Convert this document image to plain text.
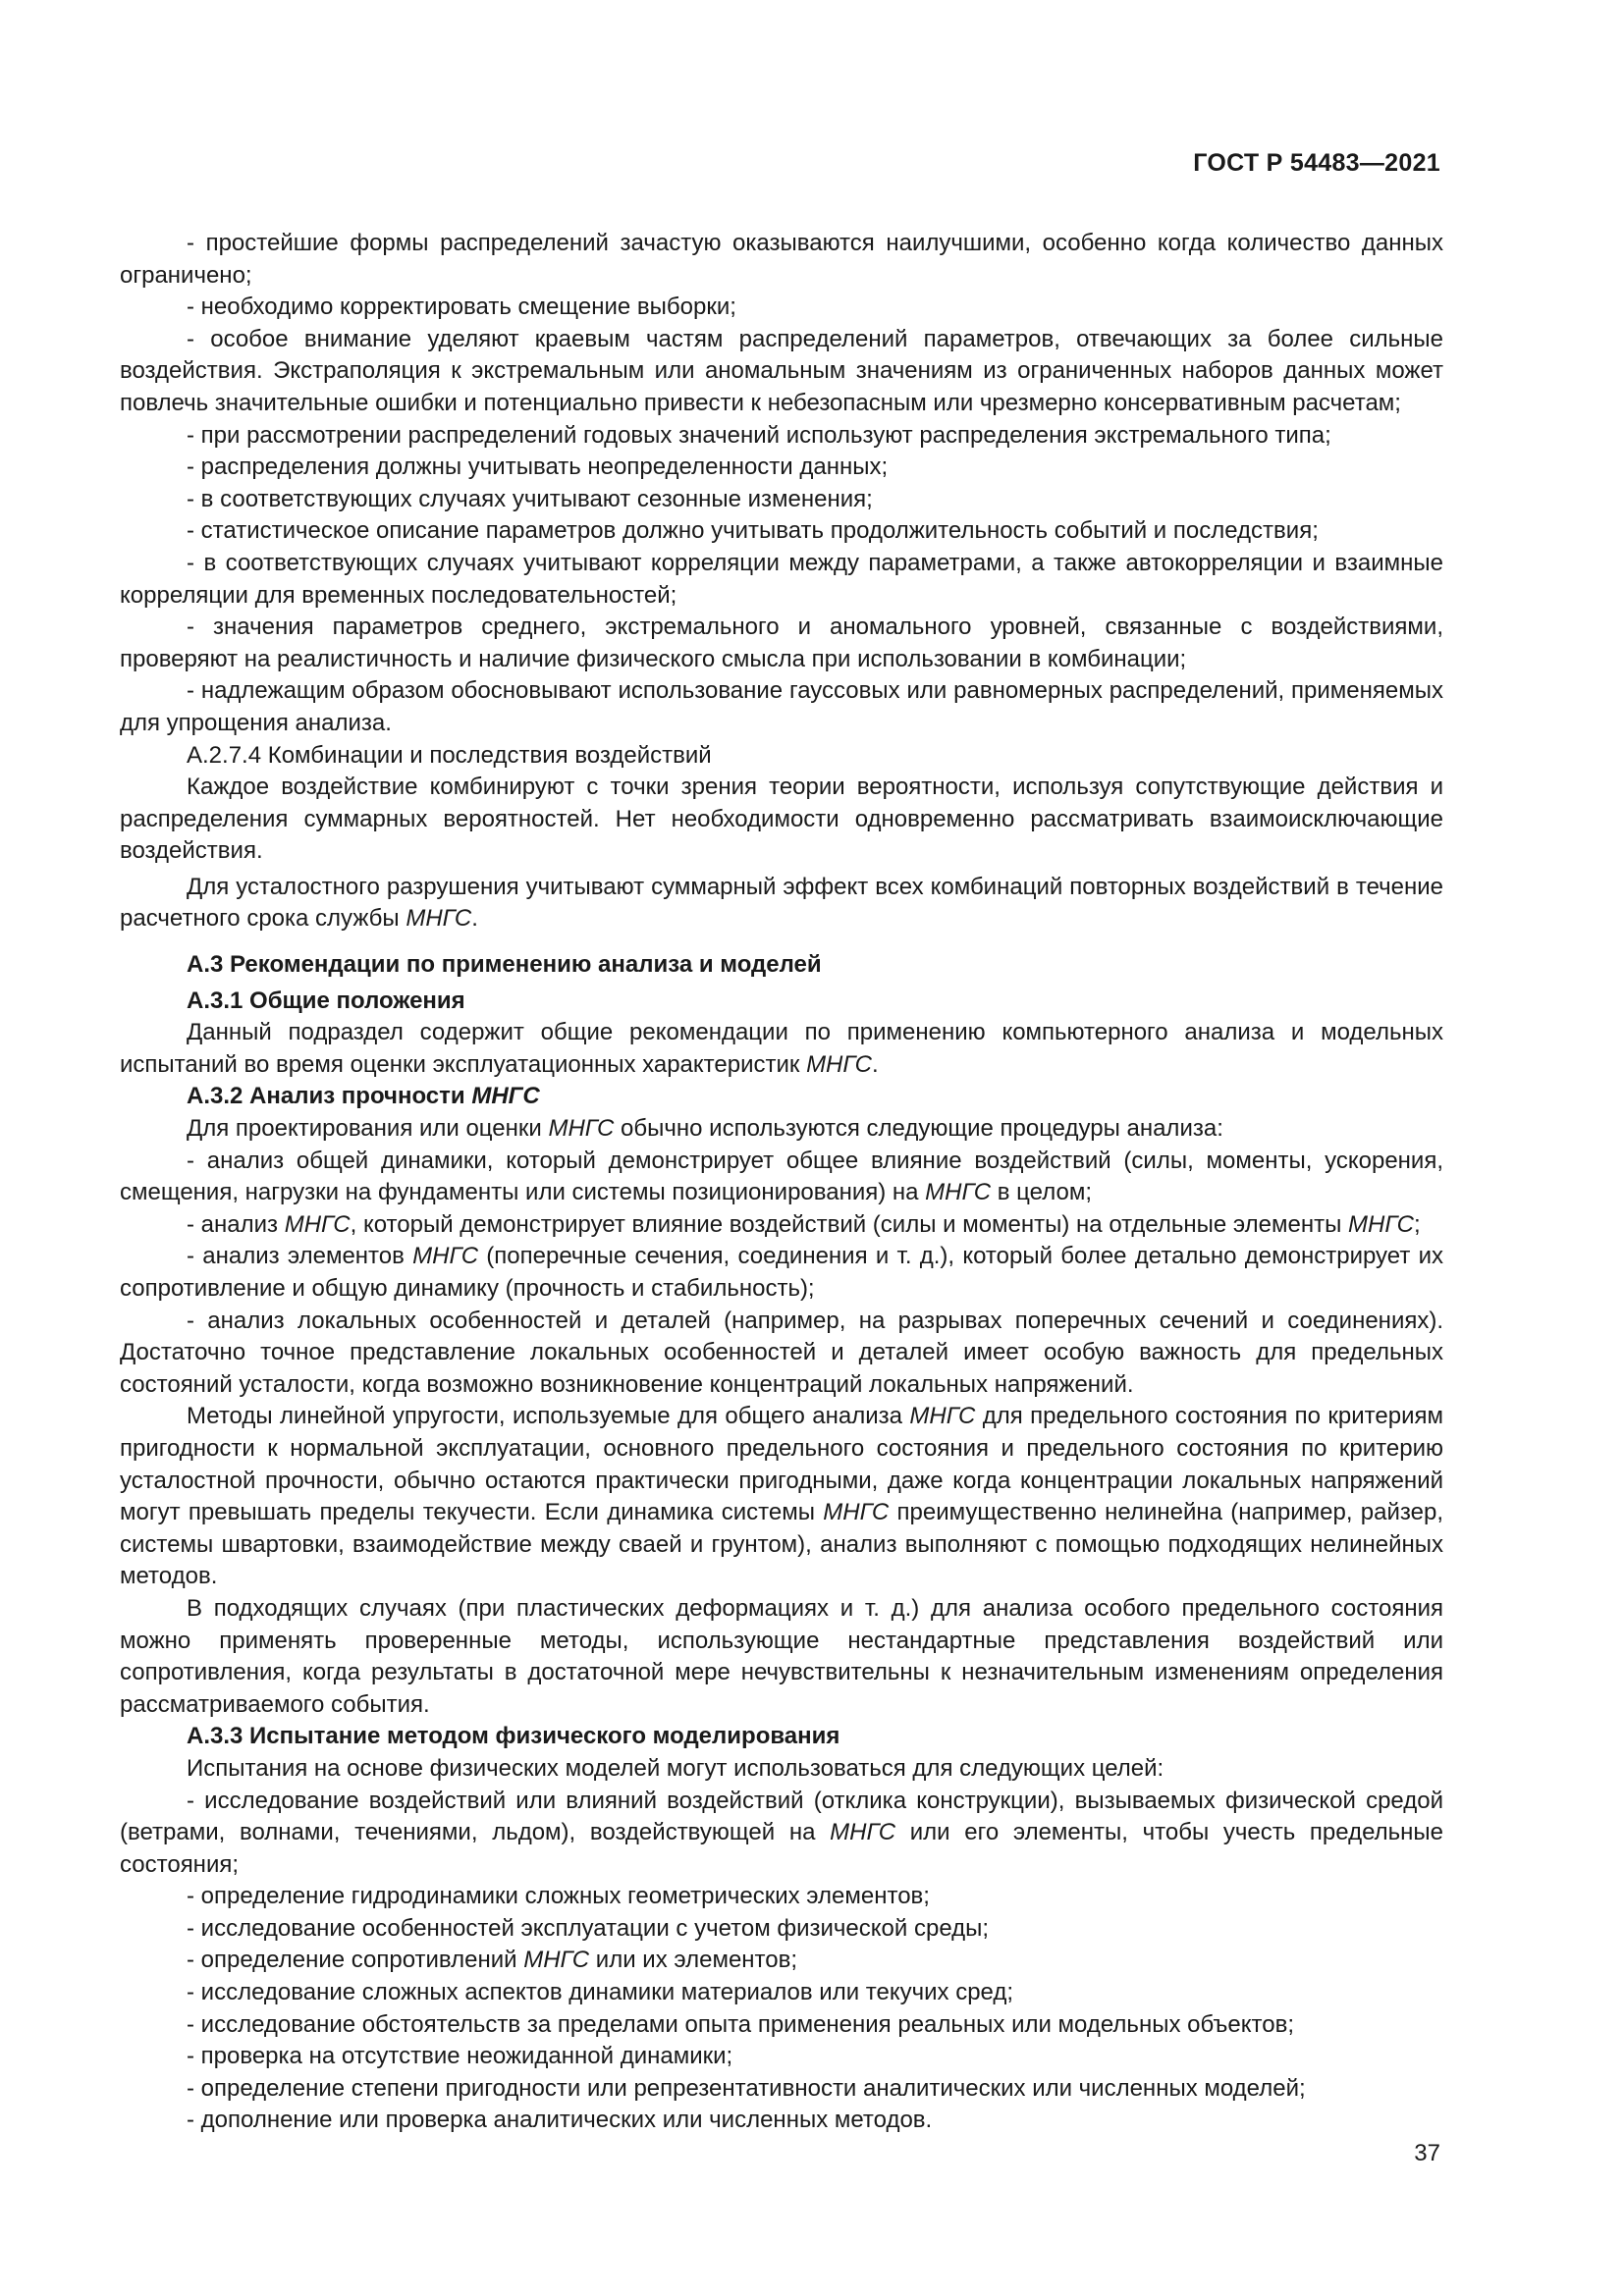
ГОСТ Р 54483—2021

- простейшие формы распределений зачастую оказываются наилучшими, особенно когда количество данных ограничено;

- необходимо корректировать смещение выборки;

- особое внимание уделяют краевым частям распределений параметров, отвечающих за более сильные воздействия. Экстраполяция к экстремальным или аномальным значениям из ограниченных наборов данных может повлечь значительные ошибки и потенциально привести к небезопасным или чрезмерно консервативным расчетам;

- при рассмотрении распределений годовых значений используют распределения экстремального типа;

- распределения должны учитывать неопределенности данных;

- в соответствующих случаях учитывают сезонные изменения;

- статистическое описание параметров должно учитывать продолжительность событий и последствия;

- в соответствующих случаях учитывают корреляции между параметрами, а также автокорреляции и взаимные корреляции для временных последовательностей;

- значения параметров среднего, экстремального и аномального уровней, связанные с воздействиями, проверяют на реалистичность и наличие физического смысла при использовании в комбинации;

- надлежащим образом обосновывают использование гауссовых или равномерных распределений, применяемых для упрощения анализа.

А.2.7.4 Комбинации и последствия воздействий

Каждое воздействие комбинируют с точки зрения теории вероятности, используя сопутствующие действия и распределения суммарных вероятностей. Нет необходимости одновременно рассматривать взаимоисключающие воздействия.

Для усталостного разрушения учитывают суммарный эффект всех комбинаций повторных воздействий в течение расчетного срока службы МНГС.

А.3 Рекомендации по применению анализа и моделей

А.3.1 Общие положения

Данный подраздел содержит общие рекомендации по применению компьютерного анализа и модельных испытаний во время оценки эксплуатационных характеристик МНГС.

А.3.2 Анализ прочности МНГС

Для проектирования или оценки МНГС обычно используются следующие процедуры анализа:

- анализ общей динамики, который демонстрирует общее влияние воздействий (силы, моменты, ускорения, смещения, нагрузки на фундаменты или системы позиционирования) на МНГС в целом;

- анализ МНГС, который демонстрирует влияние воздействий (силы и моменты) на отдельные элементы МНГС;

- анализ элементов МНГС (поперечные сечения, соединения и т. д.), который более детально демонстрирует их сопротивление и общую динамику (прочность и стабильность);

- анализ локальных особенностей и деталей (например, на разрывах поперечных сечений и соединениях). Достаточно точное представление локальных особенностей и деталей имеет особую важность для предельных состояний усталости, когда возможно возникновение концентраций локальных напряжений.

Методы линейной упругости, используемые для общего анализа МНГС для предельного состояния по критериям пригодности к нормальной эксплуатации, основного предельного состояния и предельного состояния по критерию усталостной прочности, обычно остаются практически пригодными, даже когда концентрации локальных напряжений могут превышать пределы текучести. Если динамика системы МНГС преимущественно нелинейна (например, райзер, системы швартовки, взаимодействие между сваей и грунтом), анализ выполняют с помощью подходящих нелинейных методов.

В подходящих случаях (при пластических деформациях и т. д.) для анализа особого предельного состояния можно применять проверенные методы, использующие нестандартные представления воздействий или сопротивления, когда результаты в достаточной мере нечувствительны к незначительным изменениям определения рассматриваемого события.

А.3.3 Испытание методом физического моделирования

Испытания на основе физических моделей могут использоваться для следующих целей:

- исследование воздействий или влияний воздействий (отклика конструкции), вызываемых физической средой (ветрами, волнами, течениями, льдом), воздействующей на МНГС или его элементы, чтобы учесть предельные состояния;

- определение гидродинамики сложных геометрических элементов;

- исследование особенностей эксплуатации с учетом физической среды;

- определение сопротивлений МНГС или их элементов;

- исследование сложных аспектов динамики материалов или текучих сред;

- исследование обстоятельств за пределами опыта применения реальных или модельных объектов;

- проверка на отсутствие неожиданной динамики;

- определение степени пригодности или репрезентативности аналитических или численных моделей;

- дополнение или проверка аналитических или численных методов.

37
